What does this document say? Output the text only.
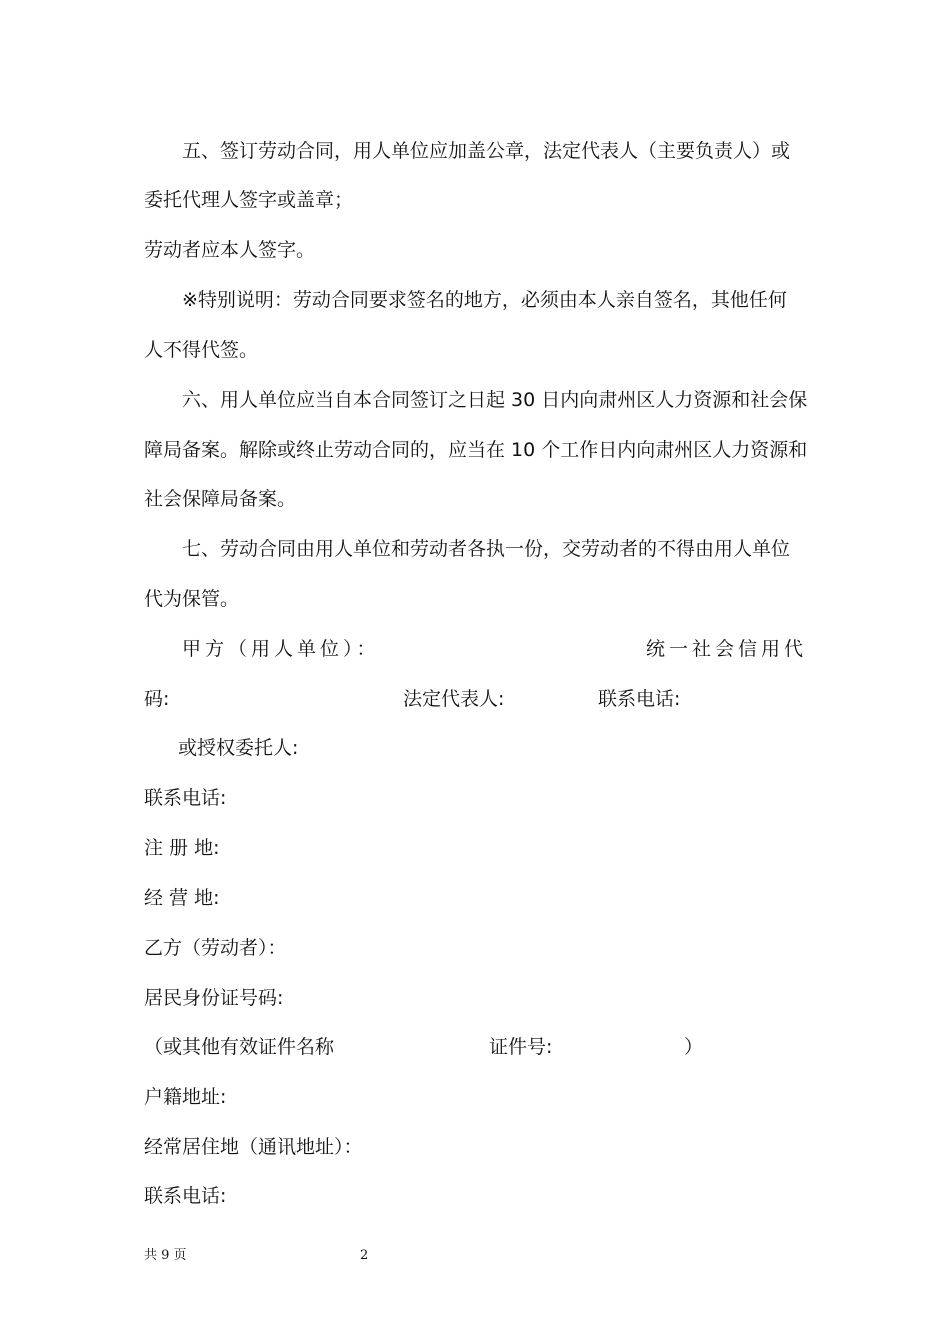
五、签订劳动合同，用人单位应加盖公章，法定代表人（主要负责人）或
委托代理人签字或盖章；
劳动者应本人签字。
※特别说明：劳动合同要求签名的地方，必须由本人亲自签名，其他任何
人不得代签。
六、用人单位应当自本合同签订之日起 30 日内向肃州区人力资源和社会保
障局备案。解除或终止劳动合同的，应当在 10 个工作日内向肃州区人力资源和
社会保障局备案。
七、劳动合同由用人单位和劳动者各执一份，交劳动者的不得由用人单位
代为保管。
甲方（用人单位）：	统一社会信用代
码:	法定代表人:	联系电话:
或授权委托人:
联系电话:
注 册 地:
经 营 地:
乙方（劳动者）：
居民身份证号码:
（或其他有效证件名称	证件号:	）
户籍地址:
经常居住地（通讯地址）：
联系电话:
共 9 页	2
